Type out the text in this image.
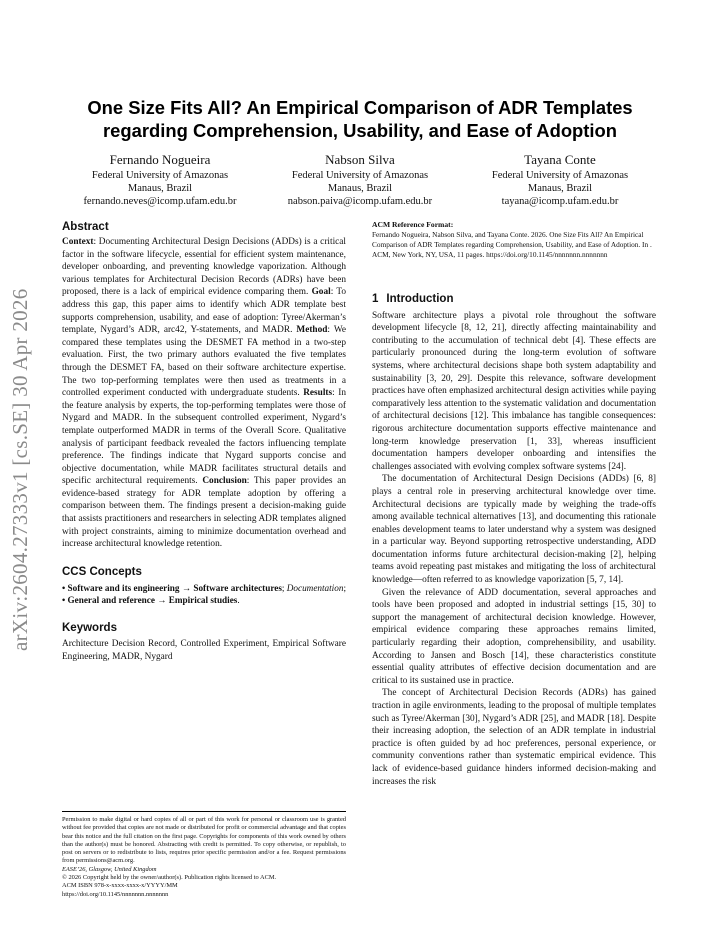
arXiv:2604.27333v1 [cs.SE] 30 Apr 2026
One Size Fits All? An Empirical Comparison of ADR Templates
regarding Comprehension, Usability, and Ease of Adoption
Fernando Nogueira
Federal University of Amazonas
Manaus, Brazil
fernando.neves@icomp.ufam.edu.br
Nabson Silva
Federal University of Amazonas
Manaus, Brazil
nabson.paiva@icomp.ufam.edu.br
Tayana Conte
Federal University of Amazonas
Manaus, Brazil
tayana@icomp.ufam.edu.br
Abstract

Context: Documenting Architectural Design Decisions (ADDs) is a critical factor in the software lifecycle, essential for efficient system maintenance, developer onboarding, and preventing knowledge vaporization. Although various templates for Architectural Decision Records (ADRs) have been proposed, there is a lack of empirical evidence comparing them. Goal: To address this gap, this paper aims to identify which ADR template best supports comprehension, usability, and ease of adoption: Tyree/Akerman’s template, Nygard’s ADR, arc42, Y-statements, and MADR. Method: We compared these templates using the DESMET FA method in a two-step evaluation. First, the two primary authors evaluated the five templates through the DESMET FA, based on their software architecture expertise. The two top-performing templates were then used as treatments in a controlled experiment conducted with undergraduate students. Results: In the feature analysis by experts, the top-performing templates were those of Nygard and MADR. In the subsequent controlled experiment, Nygard’s template outperformed MADR in terms of the Overall Score. Qualitative analysis of participant feedback revealed the factors influencing template preference. The findings indicate that Nygard supports concise and objective documentation, while MADR facilitates structural details and specific architectural requirements. Conclusion: This paper provides an evidence-based strategy for ADR template adoption by offering a comparison between them. The findings present a decision-making guide that assists practitioners and researchers in selecting ADR templates aligned with project constraints, aiming to minimize documentation overhead and increase architectural knowledge retention.

CCS Concepts

• Software and its engineering → Software architectures; Documentation; • General and reference → Empirical studies.

Keywords

Architecture Decision Record, Controlled Experiment, Empirical Software Engineering, MADR, Nygard

Permission to make digital or hard copies of all or part of this work for personal or classroom use is granted without fee provided that copies are not made or distributed for profit or commercial advantage and that copies bear this notice and the full citation on the first page. Copyrights for components of this work owned by others than the author(s) must be honored. Abstracting with credit is permitted. To copy otherwise, or republish, to post on servers or to redistribute to lists, requires prior specific permission and/or a fee. Request permissions from permissions@acm.org.
EASE’26, Glasgow, United Kingdom
© 2026 Copyright held by the owner/author(s). Publication rights licensed to ACM.
ACM ISBN 978-x-xxxx-xxxx-x/YYYY/MM
https://doi.org/10.1145/nnnnnnn.nnnnnnn
ACM Reference Format:
Fernando Nogueira, Nabson Silva, and Tayana Conte. 2026. One Size Fits All? An Empirical Comparison of ADR Templates regarding Comprehension, Usability, and Ease of Adoption. In . ACM, New York, NY, USA, 11 pages. https://doi.org/10.1145/nnnnnnn.nnnnnnn
1 Introduction

Software architecture plays a pivotal role throughout the software development lifecycle [8, 12, 21], directly affecting maintainability and contributing to the accumulation of technical debt [4]. These effects are particularly pronounced during the long-term evolution of software systems, where architectural decisions shape both system adaptability and sustainability [3, 20, 29]. Despite this relevance, software development practices have often emphasized architectural design activities while paying comparatively less attention to the systematic validation and documentation of architectural decisions [12]. This imbalance has tangible consequences: rigorous architecture documentation supports effective maintenance and long-term knowledge preservation [1, 33], whereas insufficient documentation hampers developer onboarding and intensifies the challenges associated with evolving complex software systems [24].

The documentation of Architectural Design Decisions (ADDs) [6, 8] plays a central role in preserving architectural knowledge over time. Architectural decisions are typically made by weighing the trade-offs among available technical alternatives [13], and documenting this rationale enables development teams to later understand why a system was designed in a particular way. Beyond supporting retrospective understanding, ADD documentation informs future architectural decision-making [2], helping teams avoid repeating past mistakes and mitigating the loss of architectural knowledge—often referred to as knowledge vaporization [5, 7, 14].

Given the relevance of ADD documentation, several approaches and tools have been proposed and adopted in industrial settings [15, 30] to support the management of architectural decision knowledge. However, empirical evidence comparing these approaches remains limited, particularly regarding their adoption, comprehensibility, and usability. According to Jansen and Bosch [14], these characteristics constitute essential quality attributes of effective decision documentation and are critical to its sustained use in practice.

The concept of Architectural Decision Records (ADRs) has gained traction in agile environments, leading to the proposal of multiple templates such as Tyree/Akerman [30], Nygard’s ADR [25], and MADR [18]. Despite their increasing adoption, the selection of an ADR template in industrial practice is often guided by ad hoc preferences, personal experience, or community conventions rather than systematic empirical evidence. This lack of evidence-based guidance hinders informed decision-making and increases the risk
